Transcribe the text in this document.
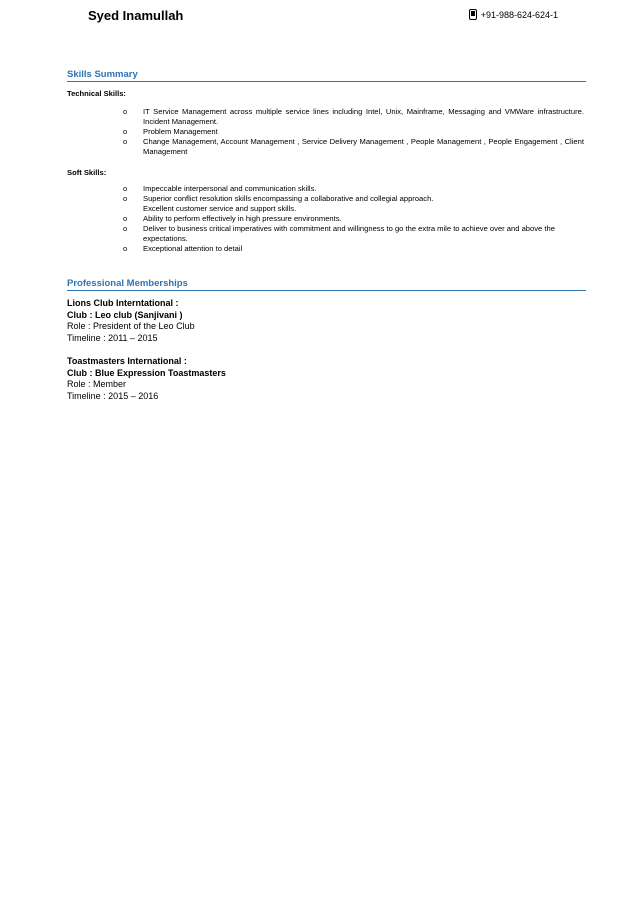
Syed Inamullah	+91-988-624-624-1
Skills Summary
Technical Skills:
o IT Service Management across multiple service lines including Intel, Unix, Mainframe, Messaging and VMWare infrastructure. Incident Management.
o Problem Management
o Change Management, Account Management , Service Delivery Management , People Management , People Engagement , Client Management
Soft Skills:
o Impeccable interpersonal and communication skills.
o Superior conflict resolution skills encompassing a collaborative and collegial approach. Excellent customer service and support skills.
o Ability to perform effectively in high pressure environments.
o Deliver to business critical imperatives with commitment and willingness to go the extra mile to achieve over and above the expectations.
o Exceptional attention to detail
Professional Memberships
Lions Club Interntational :
Club : Leo club (Sanjivani )
Role : President of the Leo Club
Timeline : 2011 – 2015
Toastmasters International :
Club : Blue Expression Toastmasters
Role : Member
Timeline : 2015 – 2016
